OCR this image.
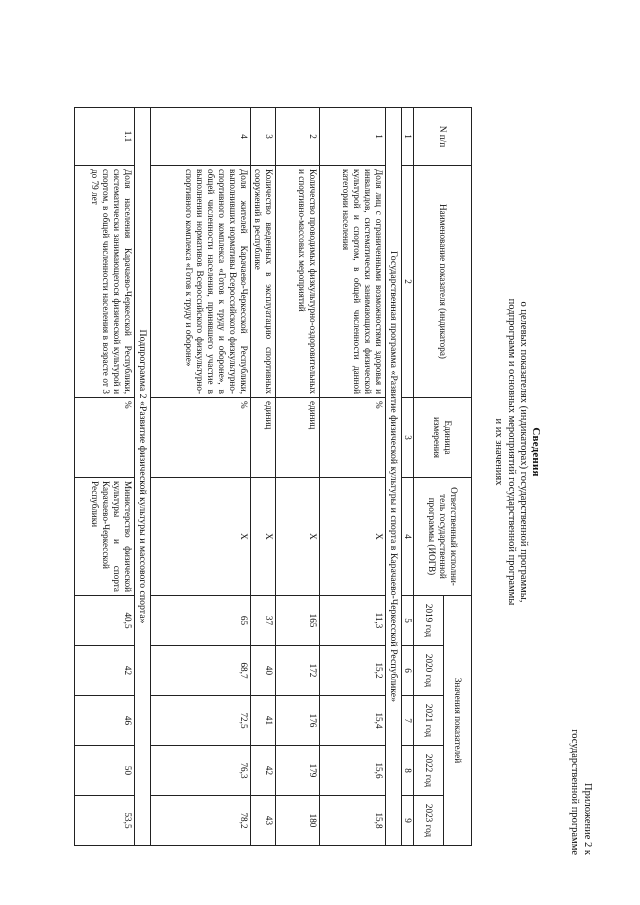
Приложение 2 к
государственной программе
Сведения
о целевых показателях (индикаторах) государственной программы,
подпрограмм и основных мероприятий государственной программы
и их значениях
N п/п	Наименование показателя (индикатора)	Единица измерения	Ответственный исполни-тель государственной программы (ИОГВ)	Значения показателей				
				2019 год	2020 год	2021 год	2022 год	2023 год
1	2	3	4	5	6	7	8	9
Государственная программа «Развитие физической культуры и спорта в Карачаево-Черкесской Республике»								
1	Доля лиц с ограниченными возможностями здоровья и инвалидов, систематически занимающихся физической культурой и спортом, в общей численности данной категории населения	%	Х	11,3	15,2	15,4	15,6	15,8
2	Количество проводимых физкультурно-оздоровительных и спортивно-массовых мероприятий	единиц	Х	165	172	176	179	180
3	Количество введенных в эксплуатацию спортивных сооружений в республике	единиц	Х	37	40	41	42	43
4	Доля жителей Карачаево-Черкесской Республики, выполнивших нормативы Всероссийского физкультурно-спортивного комплекса «Готов к труду и обороне», в общей численности населения, принявшего участие в выполнении нормативов Всероссийского физкультурно-спортивного комплекса «Готов к труду и обороне»	%	Х	65	68,7	72,5	76,3	78,2
Подпрограмма 2 «Развитие физической культуры и массового спорта»								
1.1	Доля населения Карачаево-Черкесской Республики, систематически занимающегося физической культурой и спортом, в общей численности населения в возрасте от 3 до 79 лет	%	Министерство физической культуры и спорта Карачаево-Черкесской Республики	40,5	42	46	50	53,5
